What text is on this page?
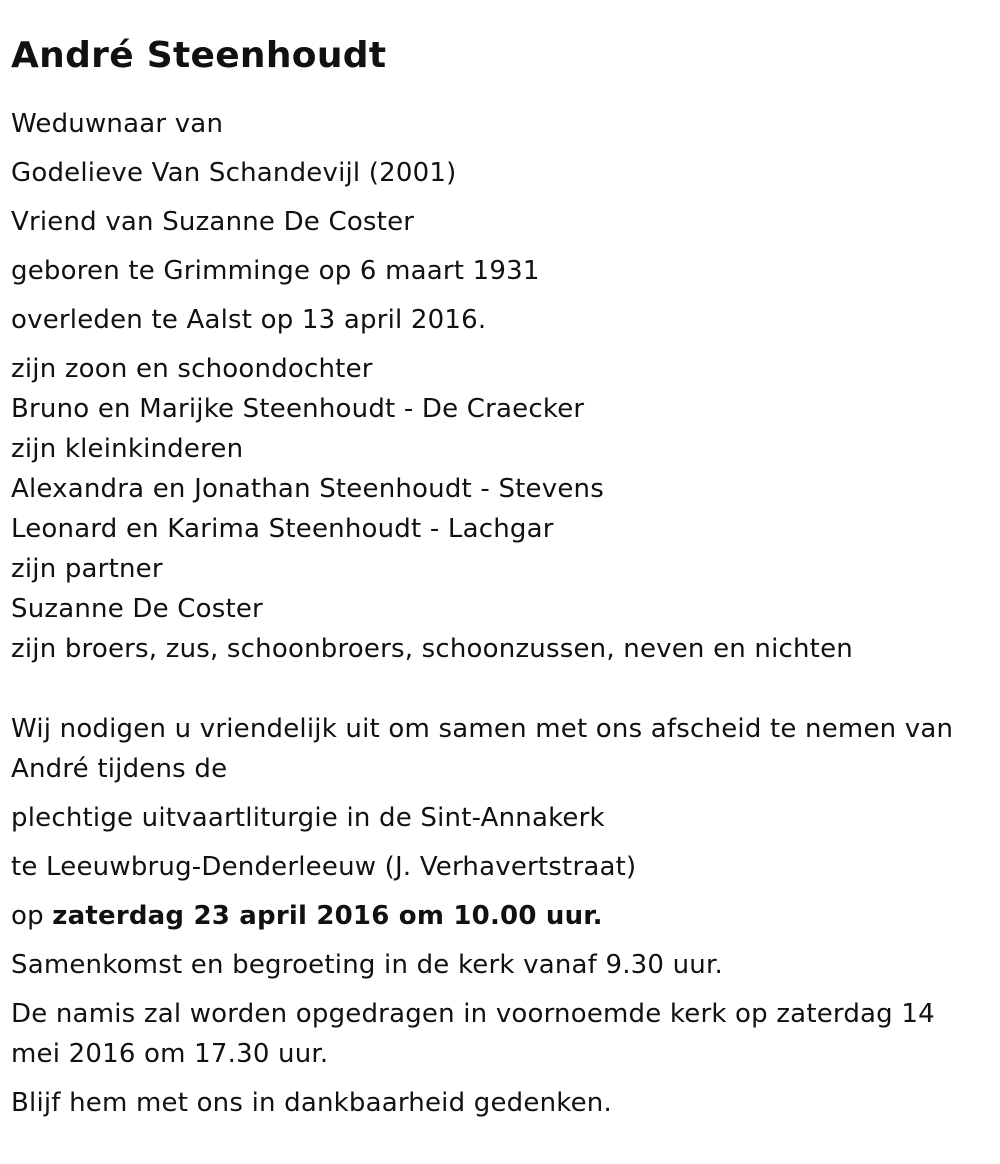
André Steenhoudt

Weduwnaar van

Godelieve Van Schandevijl (2001)

Vriend van Suzanne De Coster

geboren te Grimminge op 6 maart 1931

overleden te Aalst op 13 april 2016.

zijn zoon en schoondochter
Bruno en Marijke Steenhoudt - De Craecker
zijn kleinkinderen
Alexandra en Jonathan Steenhoudt - Stevens
Leonard en Karima Steenhoudt - Lachgar
zijn partner
Suzanne De Coster
zijn broers, zus, schoonbroers, schoonzussen, neven en nichten

Wij nodigen u vriendelijk uit om samen met ons afscheid te nemen van André tijdens de

plechtige uitvaartliturgie in de Sint-Annakerk

te Leeuwbrug-Denderleeuw (J. Verhavertstraat)

op zaterdag 23 april 2016 om 10.00 uur.

Samenkomst en begroeting in de kerk vanaf 9.30 uur.

De namis zal worden opgedragen in voornoemde kerk op zaterdag 14 mei 2016 om 17.30 uur.

Blijf hem met ons in dankbaarheid gedenken.
